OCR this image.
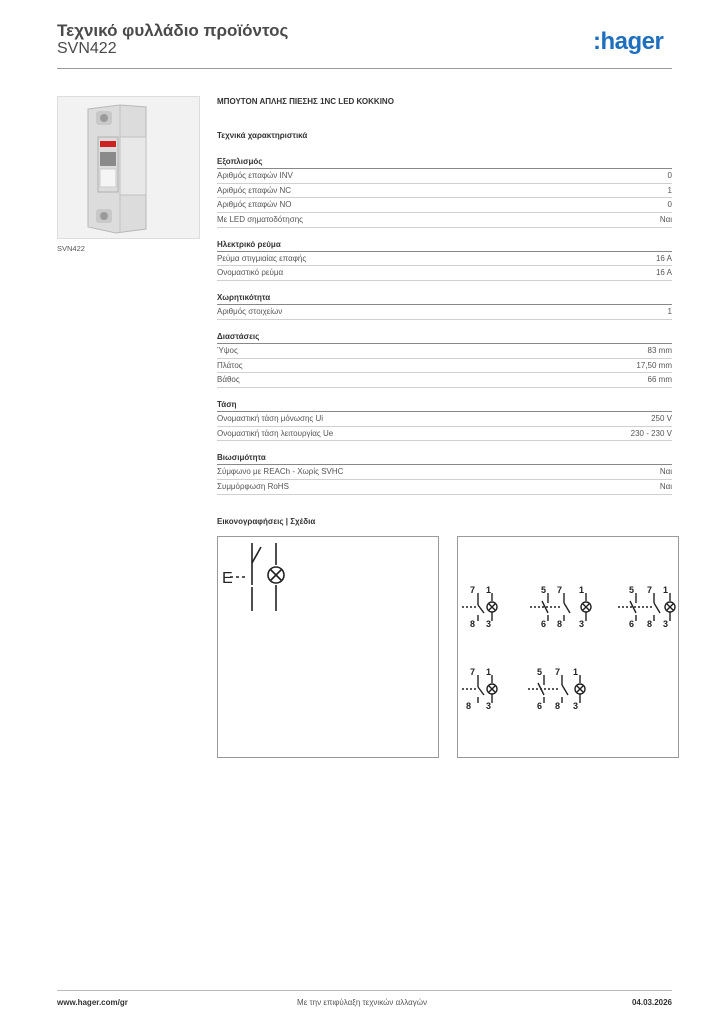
Τεχνικό φυλλάδιο προϊόντος
SVN422	:hager
SVN422
ΜΠΟΥΤΟΝ ΑΠΛΗΣ ΠΙΕΣΗΣ 1NC LED ΚΟΚΚΙΝΟ
Τεχνικά χαρακτηριστικά
Εξοπλισμός
Αριθμός επαφών INV	0
Αριθμός επαφών NC	1
Αριθμός επαφών NO	0
Με LED σηματοδότησης	Ναι
Ηλεκτρικό ρεύμα
Ρεύμα στιγμιαίας επαφής	16 A
Ονομαστικό ρεύμα	16 A
Χωρητικότητα
Αριθμός στοιχείων	1
Διαστάσεις
Ύψος	83 mm
Πλάτος	17,50 mm
Βάθος	66 mm
Τάση
Ονομαστική τάση μόνωσης Ui	250 V
Ονομαστική τάση λειτουργίας Ue	230 - 230 V
Βιωσιμότητα
Σύμφωνο με REACh - Χωρίς SVHC	Ναι
Συμμόρφωση RoHS	Ναι
Εικονογραφήσεις | Σχέδια
E
7 1
8 3
5 7 1
6 8 3
5 7 1
6 8 3
7 1
8 3
5 7 1
6 8 3
www.hager.com/gr	Με την επιφύλαξη τεχνικών αλλαγών	04.03.2026
